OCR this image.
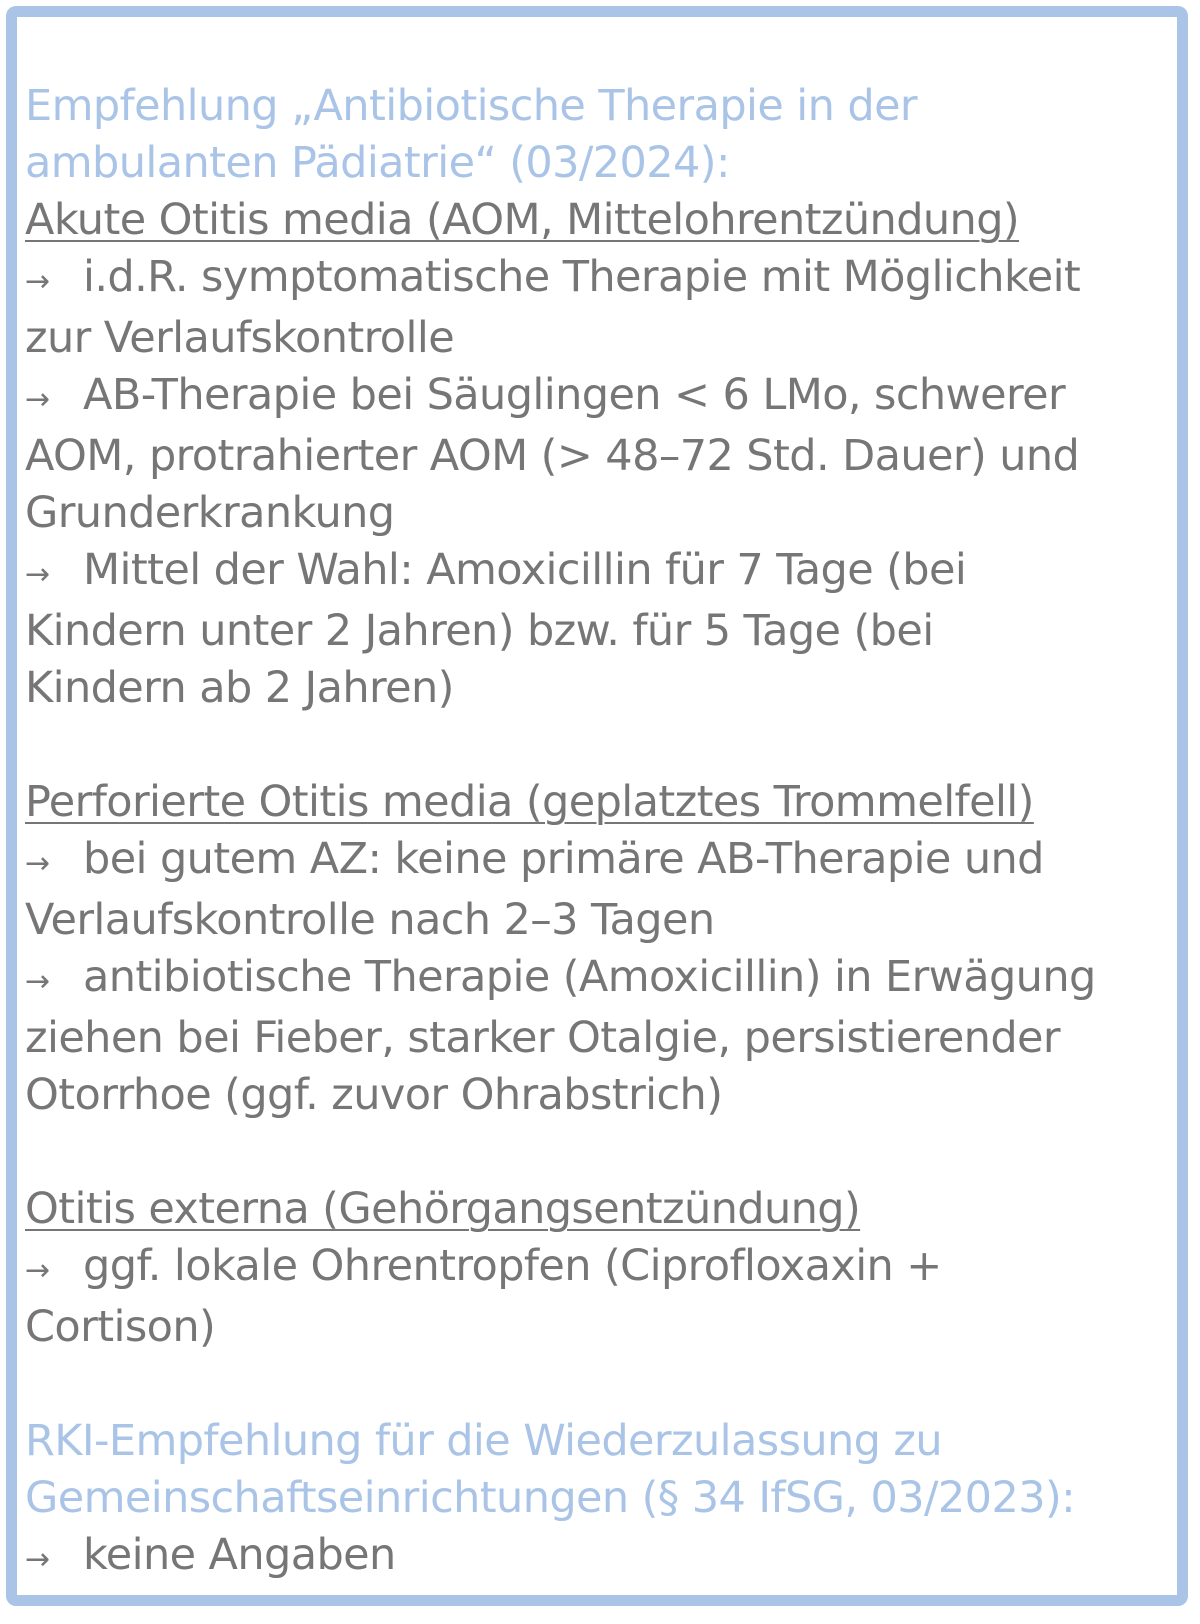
Empfehlung „Antibiotische Therapie in der
ambulanten Pädiatrie“ (03/2024):
Akute Otitis media (AOM, Mittelohrentzündung)
→ i.d.R. symptomatische Therapie mit Möglichkeit
zur Verlaufskontrolle
→ AB-Therapie bei Säuglingen < 6 LMo, schwerer
AOM, protrahierter AOM (> 48–72 Std. Dauer) und
Grunderkrankung
→ Mittel der Wahl: Amoxicillin für 7 Tage (bei
Kindern unter 2 Jahren) bzw. für 5 Tage (bei
Kindern ab 2 Jahren)
Perforierte Otitis media (geplatztes Trommelfell)
→ bei gutem AZ: keine primäre AB-Therapie und
Verlaufskontrolle nach 2–3 Tagen
→ antibiotische Therapie (Amoxicillin) in Erwägung
ziehen bei Fieber, starker Otalgie, persistierender
Otorrhoe (ggf. zuvor Ohrabstrich)
Otitis externa (Gehörgangsentzündung)
→ ggf. lokale Ohrentropfen (Ciprofloxaxin +
Cortison)
RKI-Empfehlung für die Wiederzulassung zu
Gemeinschaftseinrichtungen (§ 34 IfSG, 03/2023):
→ keine Angaben
